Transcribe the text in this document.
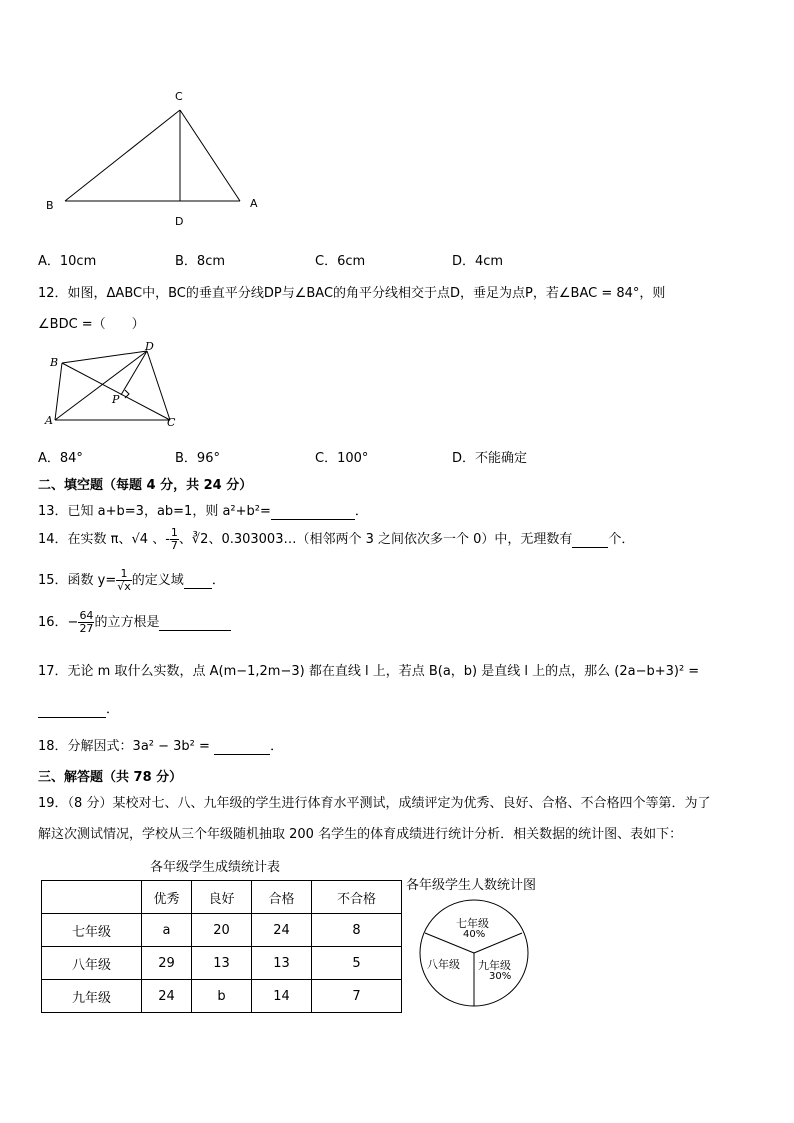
C
B
D
A
A．10cm	B．8cm	C．6cm	D．4cm
12．如图，ΔABC中，BC的垂直平分线DP与∠BAC的角平分线相交于点D，垂足为点P，若∠BAC = 84°，则
∠BDC =（　　）
B
D
P
A	C
A．84°	B．96°	C．100°	D．不能确定
二、填空题（每题 4 分，共 24 分）
13．已知 a+b=3，ab=1，则 a²+b²=	．
14．在实数 π、√4 、- $\frac{1}{7}$ 、∛2、0.303003…（相邻两个 3 之间依次多一个 0）中，无理数有	个．
15．函数 $y= \frac{1}{√x}$ 的定义域 ．
16．− $\frac{64}{27}$ 的立方根是
17．无论 m 取什么实数，点 A(m−1,2m−3) 都在直线 l 上，若点 B(a，b) 是直线 l 上的点，那么 (2a−b+3)² =
．
18．分解因式：3a² − 3b² =	．
三、解答题（共 78 分）
19．（8 分）某校对七、八、九年级的学生进行体育水平测试，成绩评定为优秀、良好、合格、不合格四个等第．为了
解这次测试情况，学校从三个年级随机抽取 200 名学生的体育成绩进行统计分析．相关数据的统计图、表如下：
各年级学生成绩统计表
	优秀	良好	合格	不合格
七年级	a	20	24	8
八年级	29	13	13	5
九年级	24	b	14	7
各年级学生人数统计图
七年级
40%
八年级 九年级
30%
